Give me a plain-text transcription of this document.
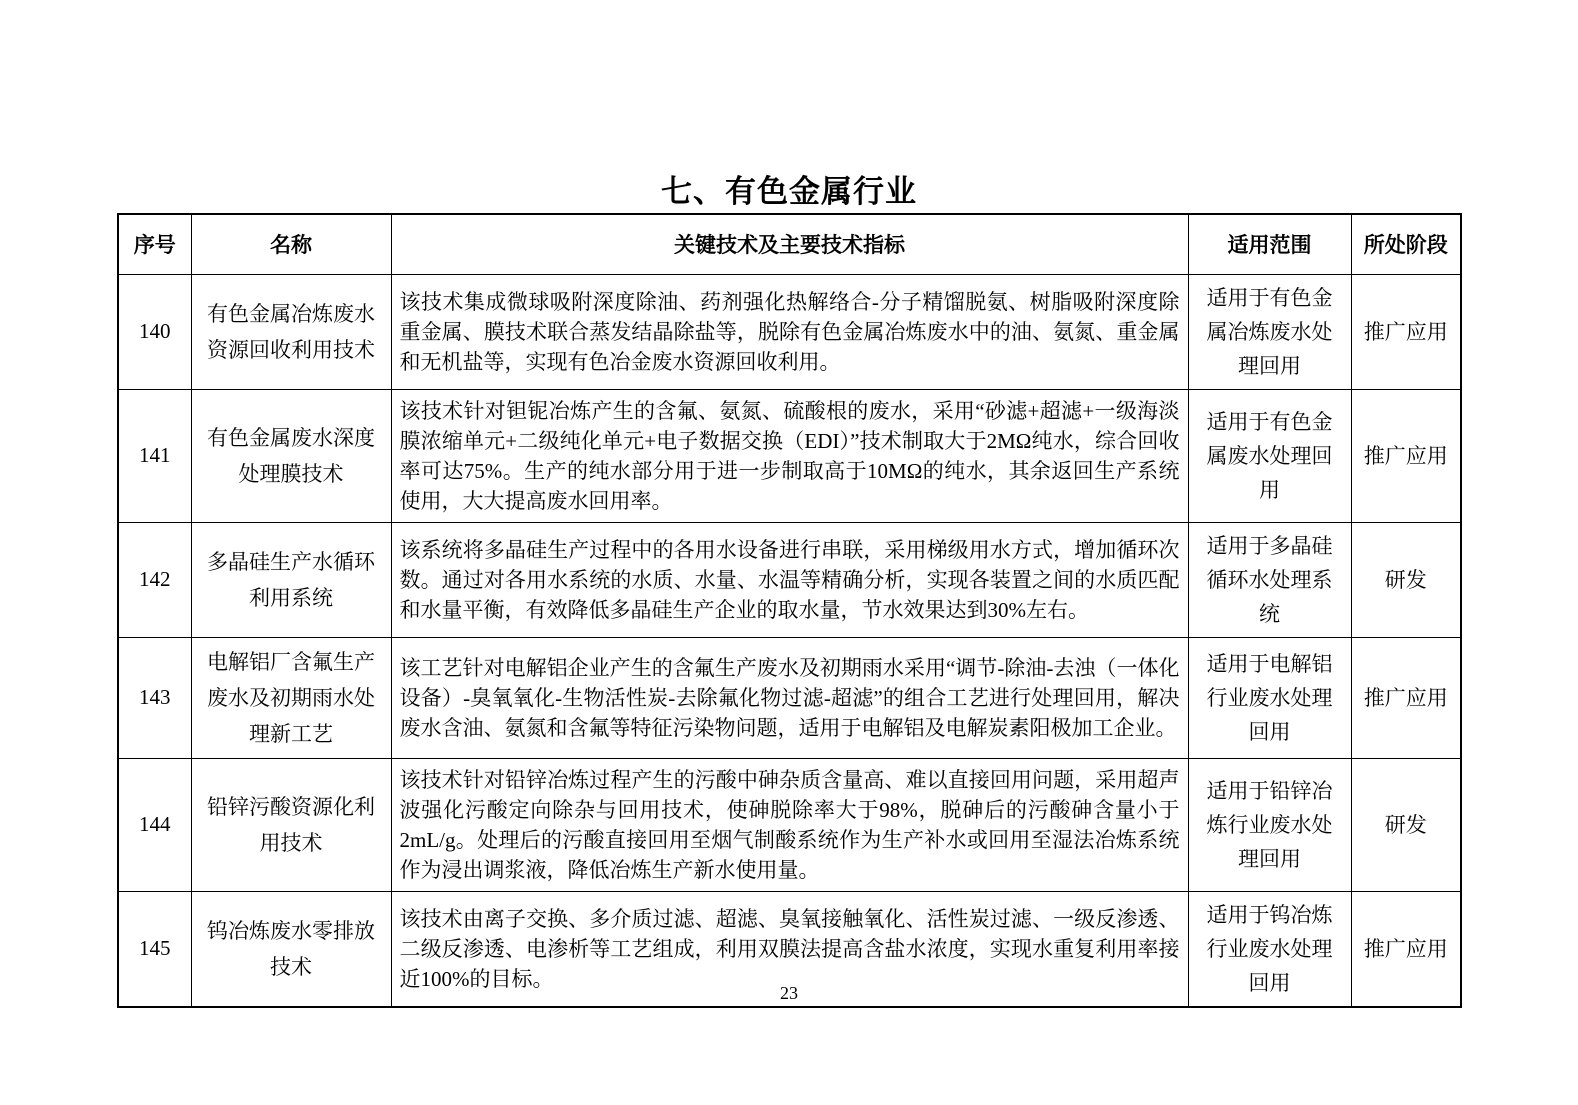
七、有色金属行业
序号	名称	关键技术及主要技术指标	适用范围	所处阶段
140	有色金属冶炼废水资源回收利用技术	该技术集成微球吸附深度除油、药剂强化热解络合-分子精馏脱氨、树脂吸附深度除重金属、膜技术联合蒸发结晶除盐等，脱除有色金属冶炼废水中的油、氨氮、重金属和无机盐等，实现有色冶金废水资源回收利用。	适用于有色金属冶炼废水处理回用	推广应用
141	有色金属废水深度处理膜技术	该技术针对钽铌冶炼产生的含氟、氨氮、硫酸根的废水，采用“砂滤+超滤+一级海淡膜浓缩单元+二级纯化单元+电子数据交换（EDI）”技术制取大于2MΩ纯水，综合回收率可达75%。生产的纯水部分用于进一步制取高于10MΩ的纯水，其余返回生产系统使用，大大提高废水回用率。	适用于有色金属废水处理回用	推广应用
142	多晶硅生产水循环利用系统	该系统将多晶硅生产过程中的各用水设备进行串联，采用梯级用水方式，增加循环次数。通过对各用水系统的水质、水量、水温等精确分析，实现各装置之间的水质匹配和水量平衡，有效降低多晶硅生产企业的取水量，节水效果达到30%左右。	适用于多晶硅循环水处理系统	研发
143	电解铝厂含氟生产废水及初期雨水处理新工艺	该工艺针对电解铝企业产生的含氟生产废水及初期雨水采用“调节-除油-去浊（一体化设备）-臭氧氧化-生物活性炭-去除氟化物过滤-超滤”的组合工艺进行处理回用，解决废水含油、氨氮和含氟等特征污染物问题，适用于电解铝及电解炭素阳极加工企业。	适用于电解铝行业废水处理回用	推广应用
144	铅锌污酸资源化利用技术	该技术针对铅锌冶炼过程产生的污酸中砷杂质含量高、难以直接回用问题，采用超声波强化污酸定向除杂与回用技术，使砷脱除率大于98%，脱砷后的污酸砷含量小于2mL/g。处理后的污酸直接回用至烟气制酸系统作为生产补水或回用至湿法冶炼系统作为浸出调浆液，降低冶炼生产新水使用量。	适用于铅锌冶炼行业废水处理回用	研发
145	钨冶炼废水零排放技术	该技术由离子交换、多介质过滤、超滤、臭氧接触氧化、活性炭过滤、一级反渗透、二级反渗透、电渗析等工艺组成，利用双膜法提高含盐水浓度，实现水重复利用率接近100%的目标。	适用于钨冶炼行业废水处理回用	推广应用
23
